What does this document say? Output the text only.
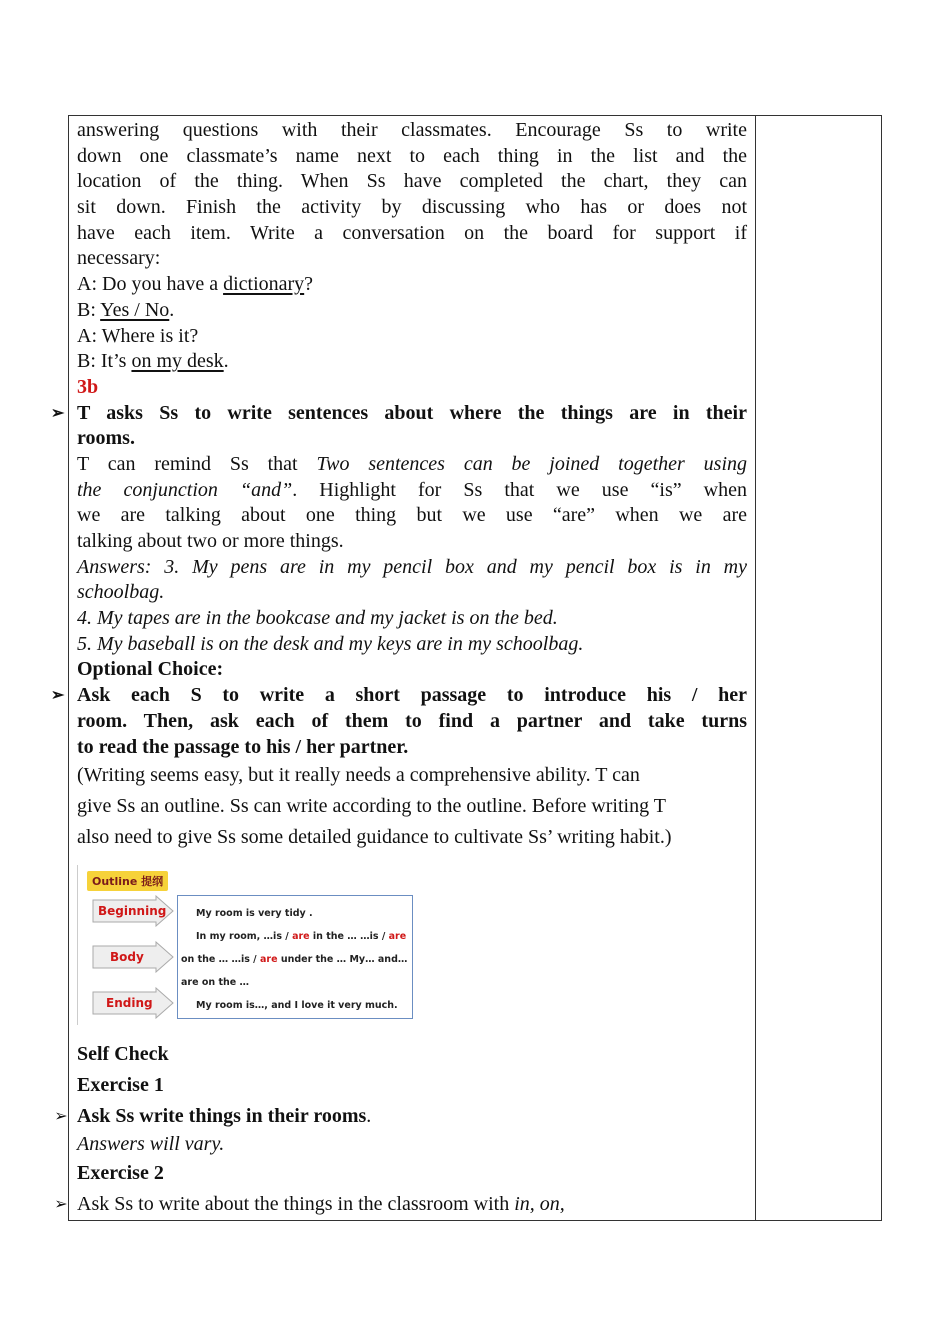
answering questions with their classmates. Encourage Ss to write
down one classmate’s name next to each thing in the list and the
location of the thing. When Ss have completed the chart, they can
sit down. Finish the activity by discussing who has or does not
have each item. Write a conversation on the board for support if
necessary:
A: Do you have a dictionary?
B: Yes / No.
A: Where is it?
B: It’s on my desk.
3b
➢ T asks Ss to write sentences about where the things are in their
rooms.
T can remind Ss that Two sentences can be joined together using
the conjunction “and”. Highlight for Ss that we use “is” when
we are talking about one thing but we use “are” when we are
talking about two or more things.
Answers: 3. My pens are in my pencil box and my pencil box is in my
schoolbag.
4. My tapes are in the bookcase and my jacket is on the bed.
5. My baseball is on the desk and my keys are in my schoolbag.
Optional Choice:
➢ Ask each S to write a short passage to introduce his / her
room. Then, ask each of them to find a partner and take turns
to read the passage to his / her partner.
(Writing seems easy, but it really needs a comprehensive ability. T can
give Ss an outline. Ss can write according to the outline. Before writing T
also need to give Ss some detailed guidance to cultivate Ss’ writing habit.)
Outline 提纲
Beginning
Body
Ending
My room is very tidy .
In my room, …is / are in the … …is / are
on the … …is / are under the … My… and…
are on the …
My room is…, and I love it very much.
Self Check
Exercise 1
➢ Ask Ss write things in their rooms.
Answers will vary.
Exercise 2
➢ Ask Ss to write about the things in the classroom with in, on,
